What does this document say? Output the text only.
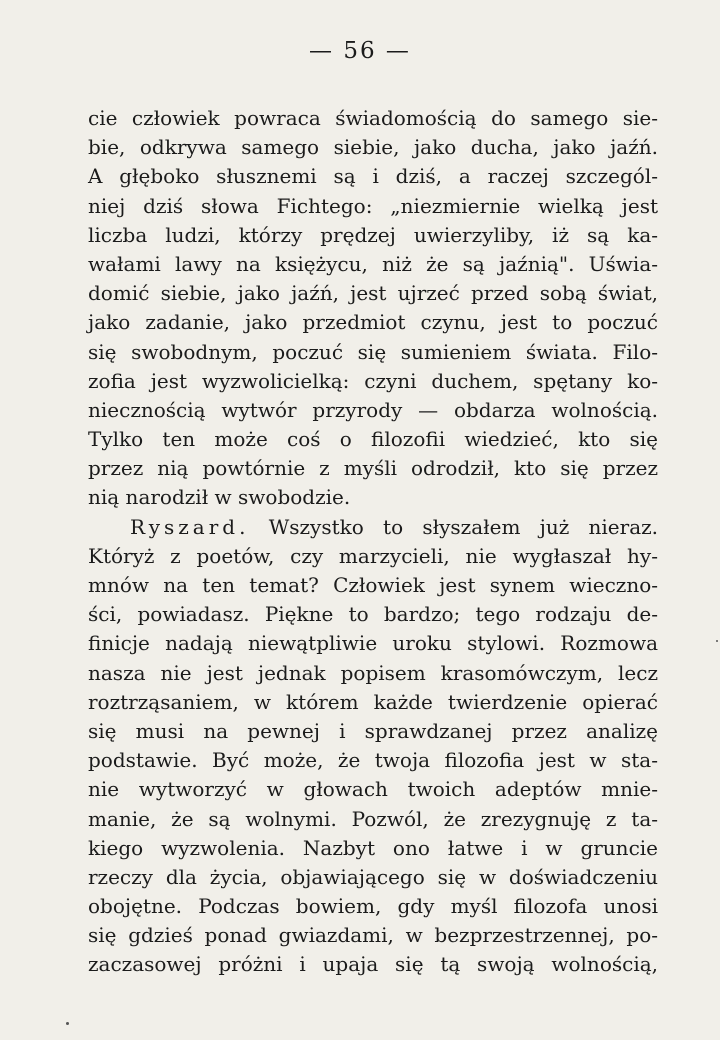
— 56 —
cie człowiek powraca świadomością do samego sie-
bie, odkrywa samego siebie, jako ducha, jako jaźń.
A głęboko słusznemi są i dziś, a raczej szczegól-
niej dziś słowa Fichtego: „niezmiernie wielką jest
liczba ludzi, którzy prędzej uwierzyliby, iż są ka-
wałami lawy na księżycu, niż że są jaźnią". Uświa-
domić siebie, jako jaźń, jest ujrzeć przed sobą świat,
jako zadanie, jako przedmiot czynu, jest to poczuć
się swobodnym, poczuć się sumieniem świata. Filo-
zofia jest wyzwolicielką: czyni duchem, spętany ko-
niecznością wytwór przyrody — obdarza wolnością.
Tylko ten może coś o filozofii wiedzieć, kto się
przez nią powtórnie z myśli odrodził, kto się przez
nią narodził w swobodzie.
Ryszard. Wszystko to słyszałem już nieraz.
Któryż z poetów, czy marzycieli, nie wygłaszał hy-
mnów na ten temat? Człowiek jest synem wieczno-
ści, powiadasz. Piękne to bardzo; tego rodzaju de-
finicje nadają niewątpliwie uroku stylowi. Rozmowa
nasza nie jest jednak popisem krasomówczym, lecz
roztrząsaniem, w którem każde twierdzenie opierać
się musi na pewnej i sprawdzanej przez analizę
podstawie. Być może, że twoja filozofia jest w sta-
nie wytworzyć w głowach twoich adeptów mnie-
manie, że są wolnymi. Pozwól, że zrezygnuję z ta-
kiego wyzwolenia. Nazbyt ono łatwe i w gruncie
rzeczy dla życia, objawiającego się w doświadczeniu
obojętne. Podczas bowiem, gdy myśl filozofa unosi
się gdzieś ponad gwiazdami, w bezprzestrzennej, po-
zaczasowej próżni i upaja się tą swoją wolnością,
